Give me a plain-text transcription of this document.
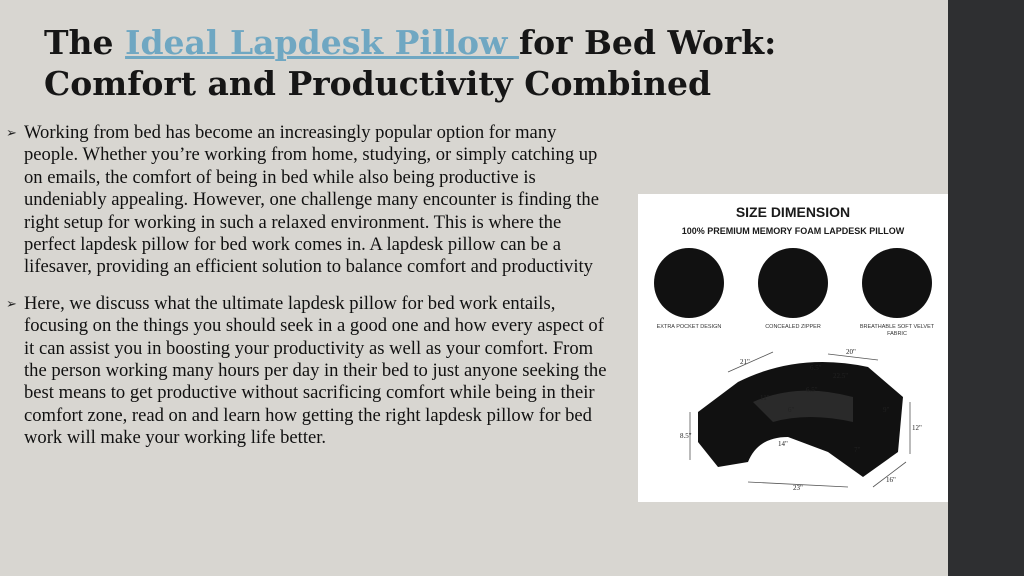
The Ideal Lapdesk Pillow for Bed Work:
Comfort and Productivity Combined
➢ Working from bed has become an increasingly popular option for many people. Whether you’re working from home, studying, or simply catching up on emails, the comfort of being in bed while also being productive is undeniably appealing. However, one challenge many encounter is finding the right setup for working in such a relaxed environment. This is where the perfect lapdesk pillow for bed work comes in. A lapdesk pillow can be a lifesaver, providing an efficient solution to balance comfort and productivity
➢ Here, we discuss what the ultimate lapdesk pillow for bed work entails, focusing on the things you should seek in a good one and how every aspect of it can assist you in boosting your productivity as well as your comfort. From the person working many hours per day in their bed to just anyone seeking the best means to get productive without sacrificing comfort while being in their comfort zone, read on and learn how getting the right lapdesk pillow for bed work will make your working life better.
SIZE DIMENSION
100% PREMIUM MEMORY FOAM LAPDESK PILLOW
EXTRA POCKET DESIGN	CONCEALED ZIPPER	BREATHABLE SOFT VELVET FABRIC
21"
20"
6.5"
22.5"
11"
6.5"
6"	9"
12"
8.5"
14"
7"
23"
16"
